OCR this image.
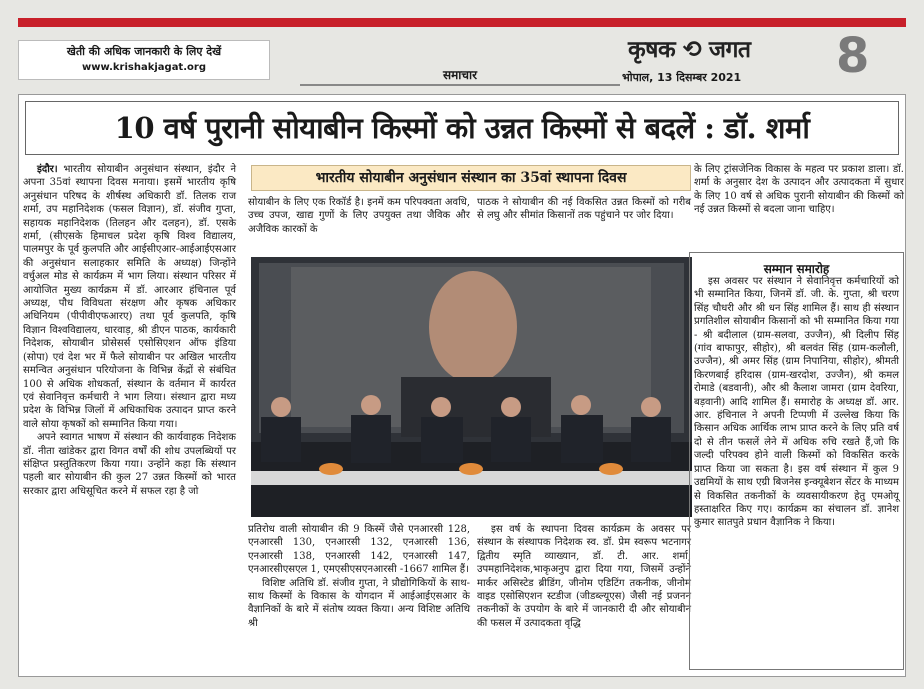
खेती की अधिक जानकारी के लिए देखें
www.krishakjagat.org
समाचार
कृषक ⟲ जगत
भोपाल, 13 दिसम्बर 2021 8
10 वर्ष पुरानी सोयाबीन किस्मों को उन्नत किस्मों से बदलें : डॉ. शर्मा

इंदौर। भारतीय सोयाबीन अनुसंधान संस्थान, इंदौर ने अपना 35वां स्थापना दिवस मनाया। इसमें भारतीय कृषि अनुसंधान परिषद के शीर्षस्थ अधिकारी डॉ. तिलक राज शर्मा, उप महानिदेशक (फसल विज्ञान), डॉ. संजीव गुप्ता, सहायक महानिदेशक (तिलहन और दलहन), डॉ. एसके शर्मा, (सीएसके हिमाचल प्रदेश कृषि विश्व विद्यालय, पालमपुर के पूर्व कुलपति और आईसीएआर-आईआईएसआर की अनुसंधान सलाहकार समिति के अध्यक्ष) जिन्होंने वर्चुअल मोड से कार्यक्रम में भाग लिया। संस्थान परिसर में आयोजित मुख्य कार्यक्रम में डॉ. आरआर हंचिनाल पूर्व अध्यक्ष, पौध विविधता संरक्षण और कृषक अधिकार अधिनियम (पीपीवीएफआरए) तथा पूर्व कुलपति, कृषि विज्ञान विश्वविद्यालय, धारवाड़, श्री डीएन पाठक, कार्यकारी निदेशक, सोयाबीन प्रोसेसर्स एसोसिएशन ऑफ इंडिया (सोपा) एवं देश भर में फैले सोयाबीन पर अखिल भारतीय समन्वित अनुसंधान परियोजना के विभिन्न केंद्रों से संबंधित 100 से अधिक शोधकर्ता, संस्थान के वर्तमान में कार्यरत एवं सेवानिवृत्त कर्मचारी ने भाग लिया। संस्थान द्वारा मध्य प्रदेश के विभिन्न जिलों में अधिकाधिक उत्पादन प्राप्त करने वाले सोया कृषकों को सम्मानित किया गया।

अपने स्वागत भाषण में संस्थान की कार्यवाहक निदेशक डॉ. नीता खांडेकर द्वारा विगत वर्षों की शोध उपलब्धियों पर संक्षिप्त प्रस्तुतिकरण किया गया। उन्होंने कहा कि संस्थान पहली बार सोयाबीन की कुल 27 उन्नत किस्मों को भारत सरकार द्वारा अधिसूचित करने में सफल रहा है जो

भारतीय सोयाबीन अनुसंधान संस्थान का 35वां स्थापना दिवस
सोयाबीन के लिए एक रिकॉर्ड है। इनमें कम परिपक्वता अवधि, उच्च उपज, खाद्य गुणों के लिए उपयुक्त तथा जैविक और अजैविक कारकों के
पाठक ने सोयाबीन की नई विकसित उन्नत किस्मों को गरीब से लघु और सीमांत किसानों तक पहुंचाने पर जोर दिया।

प्रतिरोध वाली सोयाबीन की 9 किस्में जैसे एनआरसी 128, एनआरसी 130, एनआरसी 132, एनआरसी 136, एनआरसी 138, एनआरसी 142, एनआरसी 147, एनआरसीएसएल 1, एमएसीएसएनआरसी -1667 शामिल हैं।

विशिष्ट अतिथि डॉ. संजीव गुप्ता, ने प्रौद्योगिकियों के साथ-साथ किस्मों के विकास के योगदान में आईआईएसआर के वैज्ञानिकों के बारे में संतोष व्यक्त किया। अन्य विशिष्ट अतिथि श्री

इस वर्ष के स्थापना दिवस कार्यक्रम के अवसर पर संस्थान के संस्थापक निदेशक स्व. डॉ. प्रेम स्वरूप भटनागर द्वितीय स्मृति व्याख्यान, डॉ. टी. आर. शर्मा, उपमहानिदेशक,भाकृअनुप द्वारा दिया गया, जिसमें उन्होंने मार्कर असिस्टेड ब्रीडिंग, जीनोम एडिटिंग तकनीक, जीनोम वाइड एसोसिएशन स्टडीज (जीडब्ल्यूएस) जैसी नई प्रजनन तकनीकों के उपयोग के बारे में जानकारी दी और सोयाबीन की फसल में उत्पादकता वृद्धि

के लिए ट्रांसजेनिक विकास के महत्व पर प्रकाश डाला। डॉ. शर्मा के अनुसार देश के उत्पादन और उत्पादकता में सुधार के लिए 10 वर्ष से अधिक पुरानी सोयाबीन की किस्मों को नई उन्नत किस्मों से बदला जाना चाहिए।
सम्मान समारोह
इस अवसर पर संस्थान ने सेवानिवृत्त कर्मचारियों को भी सम्मानित किया, जिनमें डॉ. जी. के. गुप्ता, श्री चरण सिंह चौधरी और श्री धन सिंह शामिल हैं। साथ ही संस्थान प्रगतिशील सोयाबीन किसानों को भी सम्मानित किया गया - श्री बदीलाल (ग्राम-सलवा, उज्जैन), श्री दिलीप सिंह (गांव बाफापुर, सीहोर), श्री बलवंत सिंह (ग्राम-कलौली, उज्जैन), श्री अमर सिंह (ग्राम निपानिया, सीहोर), श्रीमती किरणबाई हरिदास (ग्राम-खरदोश, उज्जैन), श्री कमल रोमाडे (बडवानी), और श्री कैलाश जामरा (ग्राम देवरिया, बड़वानी) आदि शामिल हैं। समारोह के अध्यक्ष डॉ. आर. आर. हंचिनाल ने अपनी टिप्पणी में उल्लेख किया कि किसान अधिक आर्थिक लाभ प्राप्त करने के लिए प्रति वर्ष दो से तीन फसलें लेने में अधिक रुचि रखते हैं,जो कि जल्दी परिपक्व होने वाली किस्मों को विकसित करके प्राप्त किया जा सकता है। इस वर्ष संस्थान में कुल 9 उद्यमियों के साथ एग्री बिजनेस इन्क्यूबेशन सेंटर के माध्यम से विकसित तकनीकों के व्यवसायीकरण हेतु एमओयू हस्ताक्षरित किए गए। कार्यक्रम का संचालन डॉ. ज्ञानेश कुमार सातपुते प्रधान वैज्ञानिक ने किया।
